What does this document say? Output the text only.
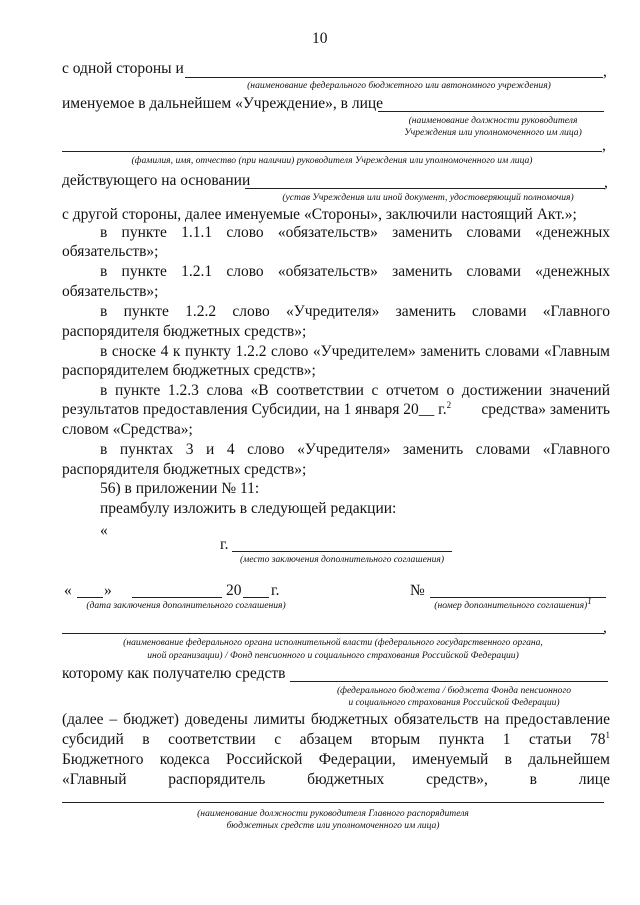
10
с одной стороны и	,
(наименование федерального бюджетного или автономного учреждения)
именуемое в дальнейшем «Учреждение», в лице
(наименование должности руководителя
Учреждения или уполномоченного им лица)
,
(фамилия, имя, отчество (при наличии) руководителя Учреждения или уполномоченного им лица)
действующего на основании	,
(устав Учреждения или иной документ, удостоверяющий полномочия)
с другой стороны, далее именуемые «Стороны», заключили настоящий Акт.»;
в пункте 1.1.1 слово «обязательств» заменить словами «денежных
обязательств»;
в пункте 1.2.1 слово «обязательств» заменить словами «денежных
обязательств»;
в пункте 1.2.2 слово «Учредителя» заменить словами «Главного
распорядителя бюджетных средств»;
в сноске 4 к пункту 1.2.2 слово «Учредителем» заменить словами «Главным
распорядителем бюджетных средств»;
в пункте 1.2.3 слова «В соответствии с отчетом о достижении значений
результатов предоставления Субсидии, на 1 января 20__ г.$^2$ средства» заменить
словом «Средства»;
в пунктах 3 и 4 слово «Учредителя» заменить словами «Главного
распорядителя бюджетных средств»;
56) в приложении № 11:
преамбулу изложить в следующей редакции:
«
г.
(место заключения дополнительного соглашения)
« »	20 г.
(дата заключения дополнительного соглашения)
№
(номер дополнительного соглашения)$^1$
,
(наименование федерального органа исполнительной власти (федерального государственного органа,
иной организации) / Фонд пенсионного и социального страхования Российской Федерации)
которому как получателю средств
(федерального бюджета / бюджета Фонда пенсионного
и социального страхования Российской Федерации)
(далее – бюджет) доведены лимиты бюджетных обязательств на предоставление
субсидий в соответствии с абзацем вторым пункта 1 статьи $78^1$
Бюджетного кодекса Российской Федерации, именуемый в дальнейшем
«Главный распорядитель бюджетных средств», в лице
(наименование должности руководителя Главного распорядителя
бюджетных средств или уполномоченного им лица)
